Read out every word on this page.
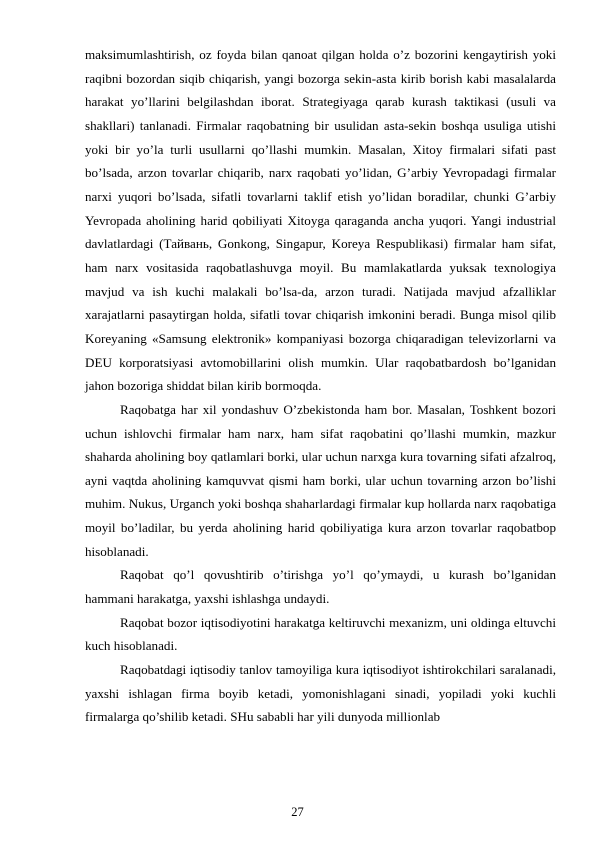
maksimumlashtirish, oz foyda bilan qanoat qilgan holda o’z bozorini kengaytirish yoki raqibni bozordan siqib chiqarish, yangi bozorga sekin-asta kirib borish kabi masalalarda harakat yo’llarini belgilashdan iborat. Strategiyaga qarab kurash taktikasi (usuli va shakllari) tanlanadi. Firmalar raqobatning bir usulidan asta-sekin boshqa usuliga utishi yoki bir yo’la turli usullarni qo’llashi mumkin. Masalan, Xitoy firmalari sifati past bo’lsada, arzon tovarlar chiqarib, narx raqobati yo’lidan, G’arbiy Yevropadagi firmalar narxi yuqori bo’lsada, sifatli tovarlarni taklif etish yo’lidan boradilar, chunki G’arbiy Yevropada aholining harid qobiliyati Xitoyga qaraganda ancha yuqori. Yangi industrial davlatlardagi (Тайвань, Gonkong, Singapur, Koreya Respublikasi) firmalar ham sifat, ham narx vositasida raqobatlashuvga moyil. Bu mamlakatlarda yuksak texnologiya mavjud va ish kuchi malakali bo’lsa-da, arzon turadi. Natijada mavjud afzalliklar xarajatlarni pasaytirgan holda, sifatli tovar chiqarish imkonini beradi. Bunga misol qilib Koreyaning «Samsung elektronik» kompaniyasi bozorga chiqaradigan televizorlarni va DEU korporatsiyasi avtomobillarini olish mumkin. Ular raqobatbardosh bo’lganidan jahon bozoriga shiddat bilan kirib bormoqda.

Raqobatga har xil yondashuv O’zbekistonda ham bor. Masalan, Toshkent bozori uchun ishlovchi firmalar ham narx, ham sifat raqobatini qo’llashi mumkin, mazkur shaharda aholining boy qatlamlari borki, ular uchun narxga kura tovarning sifati afzalroq, ayni vaqtda aholining kamquvvat qismi ham borki, ular uchun tovarning arzon bo’lishi muhim. Nukus, Urganch yoki boshqa shaharlardagi firmalar kup hollarda narx raqobatiga moyil bo’ladilar, bu yerda aholining harid qobiliyatiga kura arzon tovarlar raqobatbop hisoblanadi.

Raqobat qo’l qovushtirib o’tirishga yo’l qo’ymaydi, u kurash bo’lganidan hammani harakatga, yaxshi ishlashga undaydi.

Raqobat bozor iqtisodiyotini harakatga keltiruvchi mexanizm, uni oldinga eltuvchi kuch hisoblanadi.

Raqobatdagi iqtisodiy tanlov tamoyiliga kura iqtisodiyot ishtirokchilari saralanadi, yaxshi ishlagan firma boyib ketadi, yomonishlagani sinadi, yopiladi yoki kuchli firmalarga qo’shilib ketadi. SHu sababli har yili dunyoda millionlab

27
